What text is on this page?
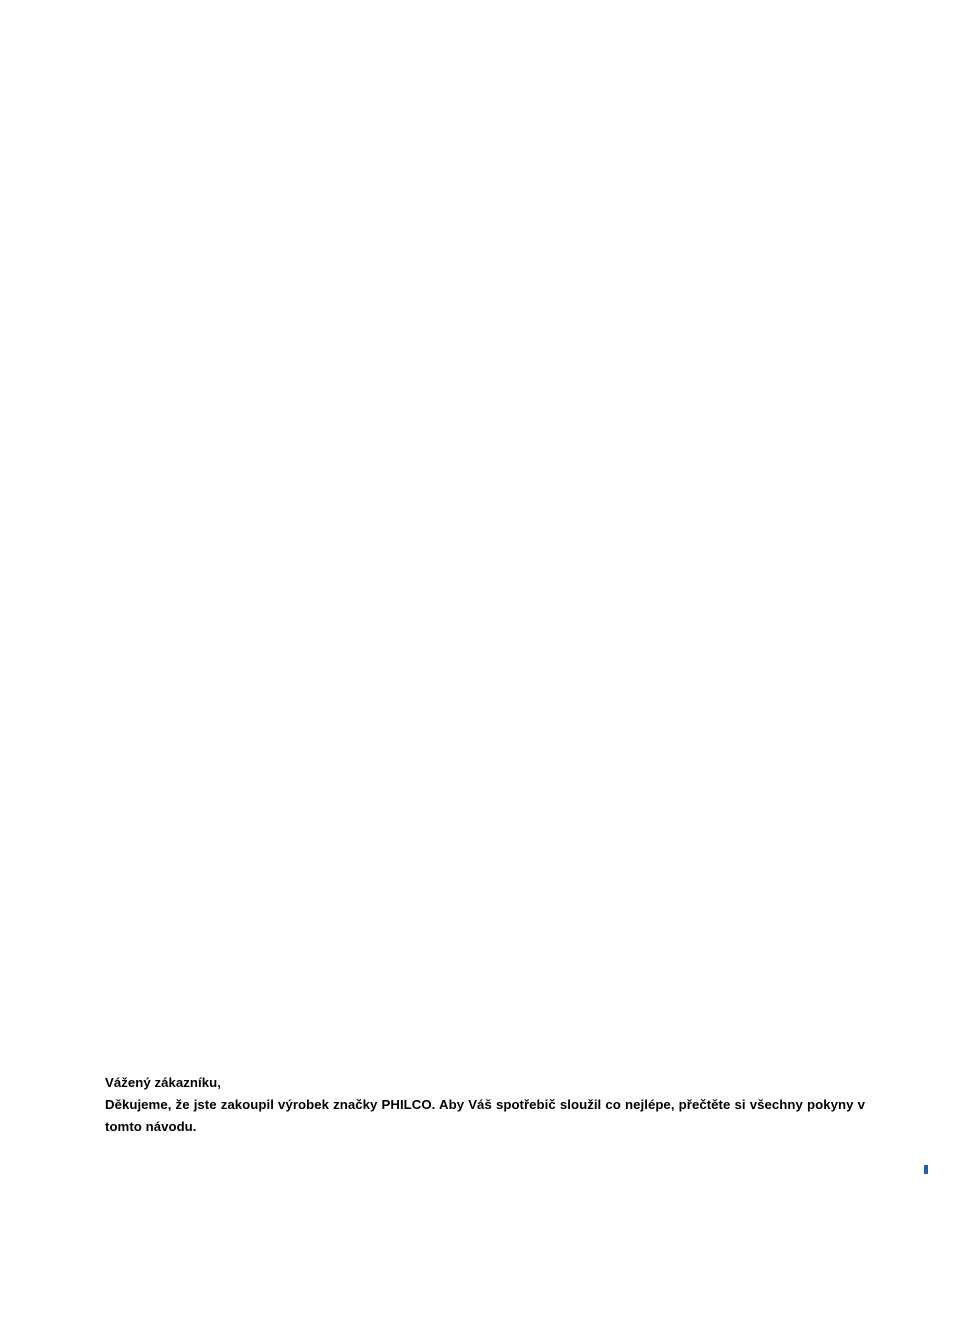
Vážený zákazníku,
Děkujeme, že jste zakoupil výrobek značky PHILCO. Aby Váš spotřebič sloužil co nejlépe, přečtěte si všechny pokyny v tomto návodu.
